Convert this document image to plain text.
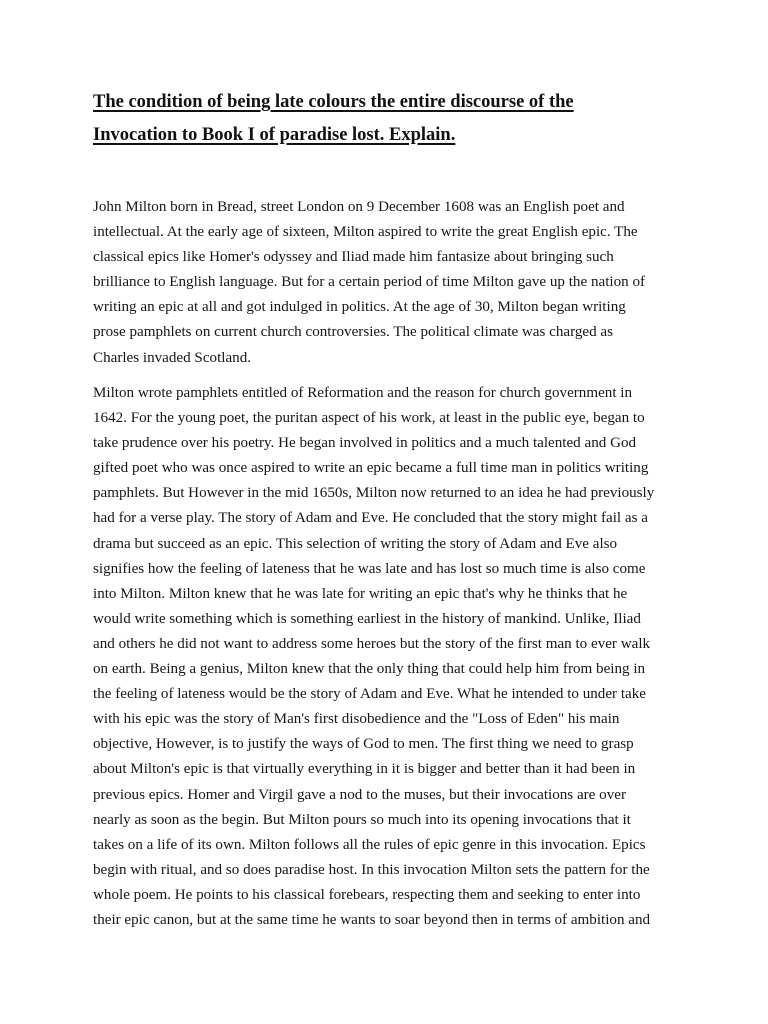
The condition of being late colours the entire discourse of the
Invocation to Book I of paradise lost. Explain.
John Milton born in Bread, street London on 9 December 1608 was an English poet and
intellectual. At the early age of sixteen, Milton aspired to write the great English epic. The
classical epics like Homer's odyssey and Iliad made him fantasize about bringing such
brilliance to English language. But for a certain period of time Milton gave up the nation of
writing an epic at all and got indulged in politics. At the age of 30, Milton began writing
prose pamphlets on current church controversies. The political climate was charged as
Charles invaded Scotland.
Milton wrote pamphlets entitled of Reformation and the reason for church government in
1642. For the young poet, the puritan aspect of his work, at least in the public eye, began to
take prudence over his poetry. He began involved in politics and a much talented and God
gifted poet who was once aspired to write an epic became a full time man in politics writing
pamphlets. But However in the mid 1650s, Milton now returned to an idea he had previously
had for a verse play. The story of Adam and Eve. He concluded that the story might fail as a
drama but succeed as an epic. This selection of writing the story of Adam and Eve also
signifies how the feeling of lateness that he was late and has lost so much time is also come
into Milton. Milton knew that he was late for writing an epic that's why he thinks that he
would write something which is something earliest in the history of mankind. Unlike, Iliad
and others he did not want to address some heroes but the story of the first man to ever walk
on earth. Being a genius, Milton knew that the only thing that could help him from being in
the feeling of lateness would be the story of Adam and Eve. What he intended to under take
with his epic was the story of Man's first disobedience and the "Loss of Eden" his main
objective, However, is to justify the ways of God to men. The first thing we need to grasp
about Milton's epic is that virtually everything in it is bigger and better than it had been in
previous epics. Homer and Virgil gave a nod to the muses, but their invocations are over
nearly as soon as the begin. But Milton pours so much into its opening invocations that it
takes on a life of its own. Milton follows all the rules of epic genre in this invocation. Epics
begin with ritual, and so does paradise host. In this invocation Milton sets the pattern for the
whole poem. He points to his classical forebears, respecting them and seeking to enter into
their epic canon, but at the same time he wants to soar beyond then in terms of ambition and
